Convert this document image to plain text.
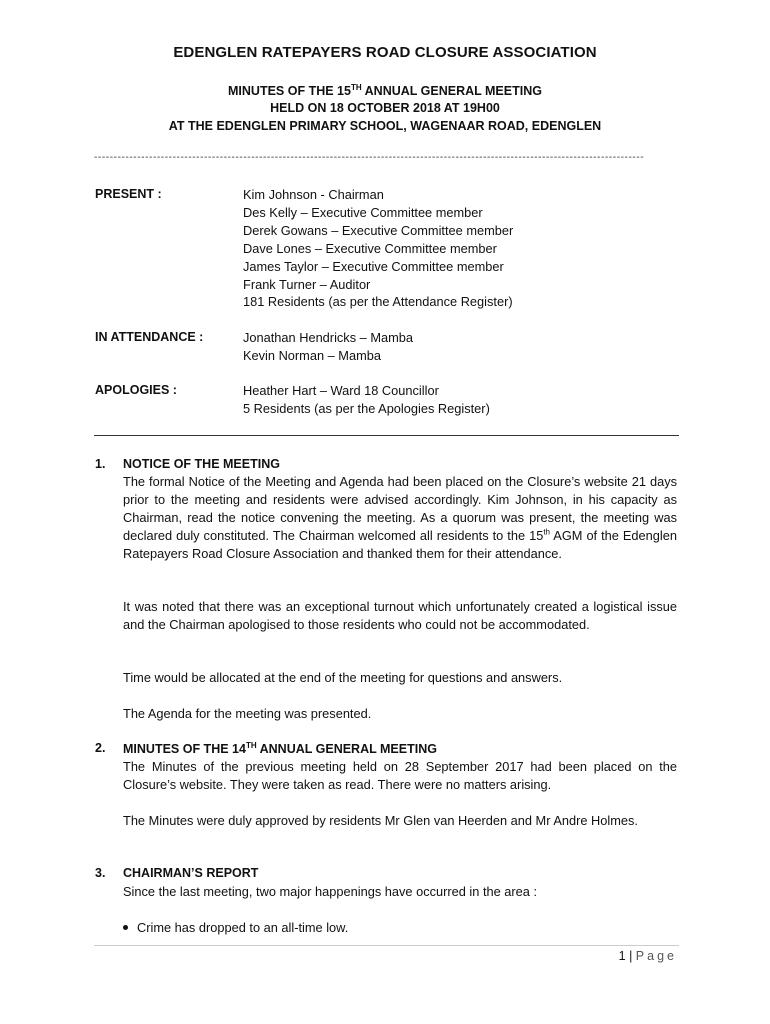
EDENGLEN RATEPAYERS ROAD CLOSURE ASSOCIATION
MINUTES OF THE 15TH ANNUAL GENERAL MEETING
HELD ON 18 OCTOBER 2018 AT 19H00
AT THE EDENGLEN PRIMARY SCHOOL, WAGENAAR ROAD, EDENGLEN
--------------------------------------------------------------------------------------------------------------------------------------------
PRESENT :	Kim Johnson - Chairman
Des Kelly – Executive Committee member
Derek Gowans – Executive Committee member
Dave Lones – Executive Committee member
James Taylor – Executive Committee member
Frank Turner – Auditor
181 Residents (as per the Attendance Register)
IN ATTENDANCE :	Jonathan Hendricks – Mamba
Kevin Norman – Mamba
APOLOGIES :	Heather Hart – Ward 18 Councillor
5 Residents (as per the Apologies Register)
1. NOTICE OF THE MEETING
The formal Notice of the Meeting and Agenda had been placed on the Closure’s website 21 days prior to the meeting and residents were advised accordingly. Kim Johnson, in his capacity as Chairman, read the notice convening the meeting. As a quorum was present, the meeting was declared duly constituted. The Chairman welcomed all residents to the 15th AGM of the Edenglen Ratepayers Road Closure Association and thanked them for their attendance.
It was noted that there was an exceptional turnout which unfortunately created a logistical issue and the Chairman apologised to those residents who could not be accommodated.
Time would be allocated at the end of the meeting for questions and answers.
The Agenda for the meeting was presented.
2. MINUTES OF THE 14TH ANNUAL GENERAL MEETING
The Minutes of the previous meeting held on 28 September 2017 had been placed on the Closure’s website. They were taken as read. There were no matters arising.
The Minutes were duly approved by residents Mr Glen van Heerden and Mr Andre Holmes.
3. CHAIRMAN’S REPORT
Since the last meeting, two major happenings have occurred in the area :
Crime has dropped to an all-time low.
1 | Page
